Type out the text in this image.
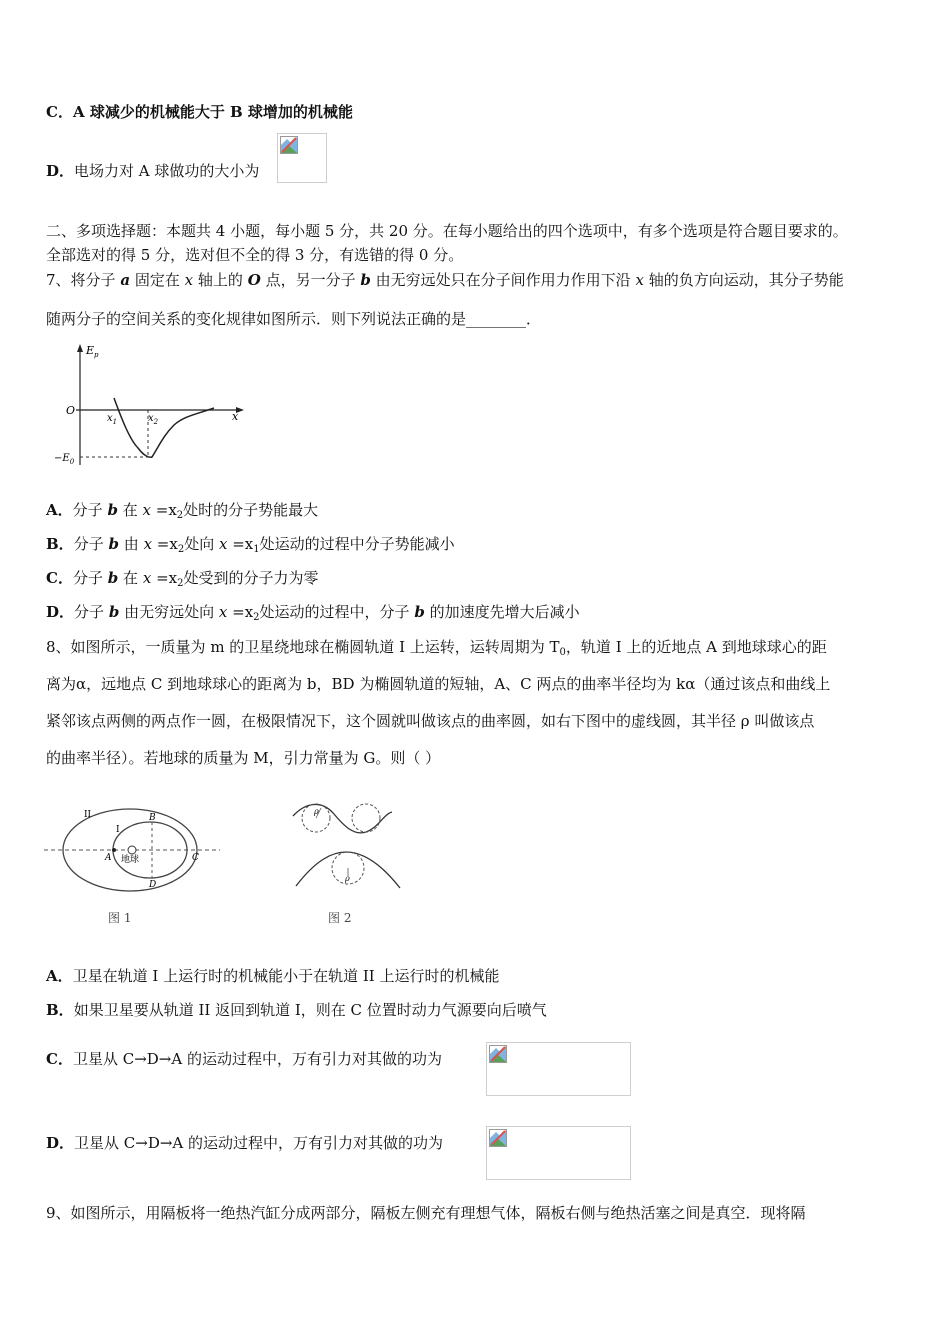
C．A 球减少的机械能大于 B 球增加的机械能
D．电场力对 A 球做功的大小为
二、多项选择题：本题共 4 小题，每小题 5 分，共 20 分。在每小题给出的四个选项中，有多个选项是符合题目要求的。
全部选对的得 5 分，选对但不全的得 3 分，有选错的得 0 分。
7、将分子 a 固定在 x 轴上的 O 点，另一分子 b 由无穷远处只在分子间作用力作用下沿 x 轴的负方向运动，其分子势能
随两分子的空间关系的变化规律如图所示．则下列说法正确的是________．
$E_p$
O	x
$x_1$	$x_2$
$-E_0$
A．分子 b 在 $x =x_2$处时的分子势能最大
B．分子 b 由 $x =x_2$处向 $x =x_1$处运动的过程中分子势能减小
C．分子 b 在 $x =x_2$处受到的分子力为零
D．分子 b 由无穷远处向 $x =x_2$处运动的过程中，分子 b 的加速度先增大后减小
8、如图所示，一质量为 m 的卫星绕地球在椭圆轨道 I 上运转，运转周期为 $T_0$，轨道 I 上的近地点 A 到地球球心的距
离为α，远地点 C 到地球球心的距离为 b，BD 为椭圆轨道的短轴，A、C 两点的曲率半径均为 kα（通过该点和曲线上
紧邻该点两侧的两点作一圆，在极限情况下，这个圆就叫做该点的曲率圆，如右下图中的虚线圆，其半径 ρ 叫做该点
的曲率半径）。若地球的质量为 M，引力常量为 G。则（ ）
II
I
B
A	C
D
地球
图 1
ρ
ρ
图 2
A．卫星在轨道 I 上运行时的机械能小于在轨道 II 上运行时的机械能
B．如果卫星要从轨道 II 返回到轨道 I，则在 C 位置时动力气源要向后喷气
C．卫星从 C→D→A 的运动过程中，万有引力对其做的功为
D．卫星从 C→D→A 的运动过程中，万有引力对其做的功为
9、如图所示，用隔板将一绝热汽缸分成两部分，隔板左侧充有理想气体，隔板右侧与绝热活塞之间是真空．现将隔
